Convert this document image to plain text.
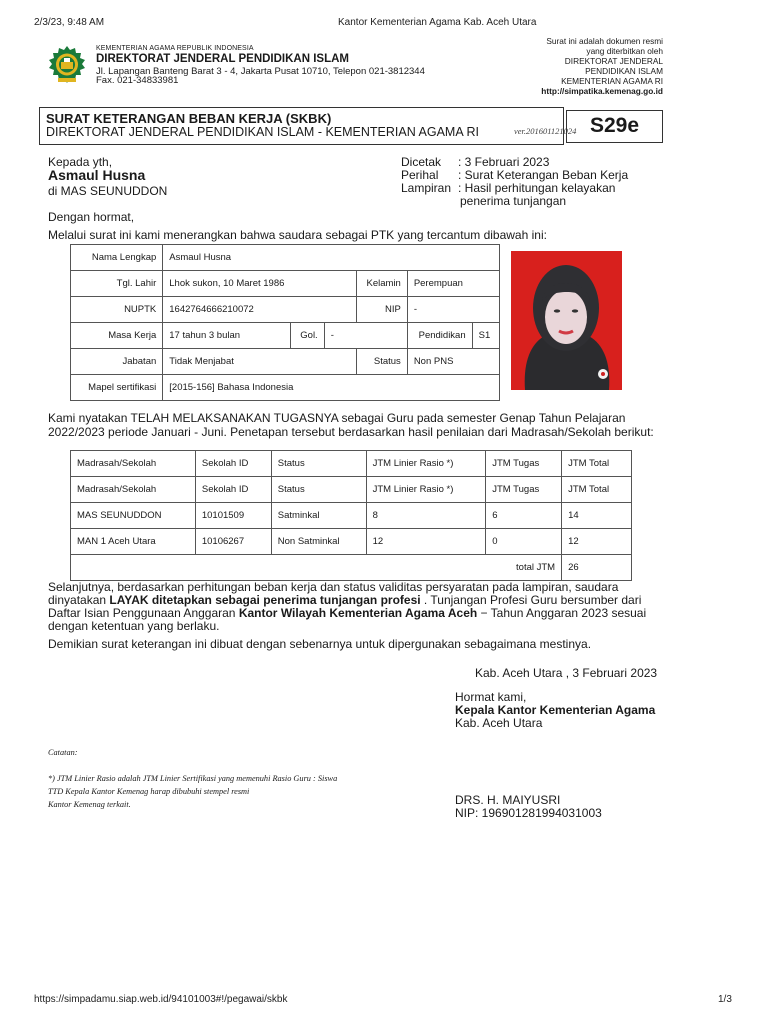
2/3/23, 9:48 AM	Kantor Kementerian Agama Kab. Aceh Utara
https://simpadamu.siap.web.id/94101003#!/pegawai/skbk	1/3
KEMENTERIAN AGAMA REPUBLIK INDONESIA
DIREKTORAT JENDERAL PENDIDIKAN ISLAM
Jl. Lapangan Banteng Barat 3 - 4, Jakarta Pusat 10710, Telepon 021-3812344
Fax. 021-34833981
Surat ini adalah dokumen resmi
yang diterbitkan oleh
DIREKTORAT JENDERAL
PENDIDIKAN ISLAM
KEMENTERIAN AGAMA RI
http://simpatika.kemenag.go.id
SURAT KETERANGAN BEBAN KERJA (SKBK)
DIREKTORAT JENDERAL PENDIDIKAN ISLAM - KEMENTERIAN AGAMA RI	ver.201601121024 S29e
Kepada yth,
Asmaul Husna
di MAS SEUNUDDON
Dicetak : 3 Februari 2023
Perihal : Surat Keterangan Beban Kerja
Lampiran : Hasil perhitungan kelayakan
penerima tunjangan
Dengan hormat,
Melalui surat ini kami menerangkan bahwa saudara sebagai PTK yang tercantum dibawah ini:
Nama Lengkap	Asmaul Husna					
Tgl. Lahir	Lhok sukon, 10 Maret 1986			Kelamin	Perempuan	
NUPTK	1642764666210072			NIP	-	
Masa Kerja	17 tahun 3 bulan	Gol.	-		Pendidikan	S1
Jabatan	Tidak Menjabat			Status	Non PNS	
Mapel sertifikasi	[2015-156] Bahasa Indonesia					
Kami nyatakan TELAH MELAKSANAKAN TUGASNYA sebagai Guru pada semester Genap Tahun Pelajaran
2022/2023 periode Januari - Juni. Penetapan tersebut berdasarkan hasil penilaian dari Madrasah/Sekolah berikut:
Madrasah/Sekolah	Sekolah ID	Status	JTM Linier Rasio *)	JTM Tugas	JTM Total
Madrasah/Sekolah	Sekolah ID	Status	JTM Linier Rasio *)	JTM Tugas	JTM Total
MAS SEUNUDDON	10101509	Satminkal	8	6	14
MAN 1 Aceh Utara	10106267	Non Satminkal	12	0	12
total JTM					26
Selanjutnya, berdasarkan perhitungan beban kerja dan status validitas persyaratan pada lampiran, saudara
dinyatakan LAYAK ditetapkan sebagai penerima tunjangan profesi . Tunjangan Profesi Guru bersumber dari
Daftar Isian Penggunaan Anggaran Kantor Wilayah Kementerian Agama Aceh − Tahun Anggaran 2023 sesuai
dengan ketentuan yang berlaku.
Demikian surat keterangan ini dibuat dengan sebenarnya untuk dipergunakan sebagaimana mestinya.
Kab. Aceh Utara , 3 Februari 2023
Hormat kami,
Kepala Kantor Kementerian Agama
Kab. Aceh Utara
DRS. H. MAIYUSRI
NIP: 196901281994031003
Catatan:
*) JTM Linier Rasio adalah JTM Linier Sertifikasi yang memenuhi Rasio Guru : Siswa
TTD Kepala Kantor Kemenag harap dibubuhi stempel resmi
Kantor Kemenag terkait.
